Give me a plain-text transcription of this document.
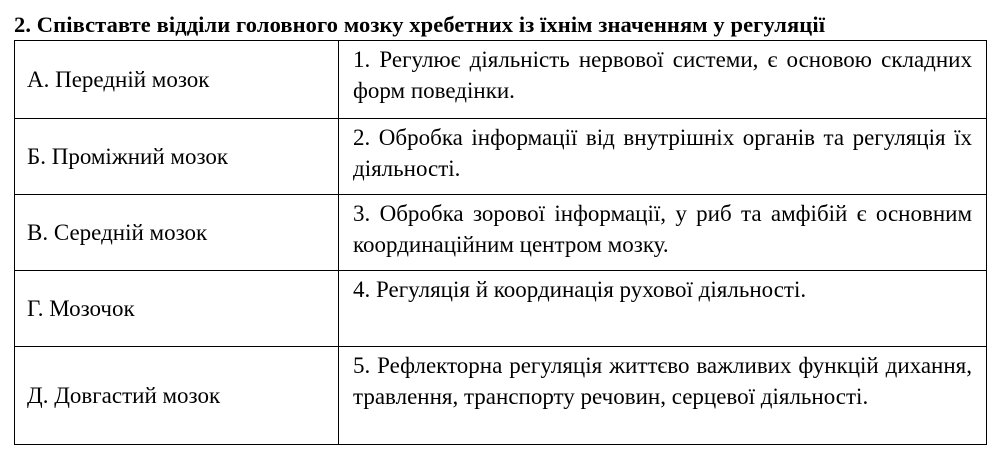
2. Співставте відділи головного мозку хребетних із їхнім значенням у регуляції
А. Передній мозок	1. Регулює діяльність нервової системи, є основою складних форм поведінки.
Б. Проміжний мозок	2. Обробка інформації від внутрішніх органів та регуляція їх діяльності.
В. Середній мозок	3. Обробка зорової інформації, у риб та амфібій є основним координаційним центром мозку.
Г. Мозочок	4. Регуляція й координація рухової діяльності.
Д. Довгастий мозок	5. Рефлекторна регуляція життєво важливих функцій дихання, травлення, транспорту речовин, серцевої діяльності.
